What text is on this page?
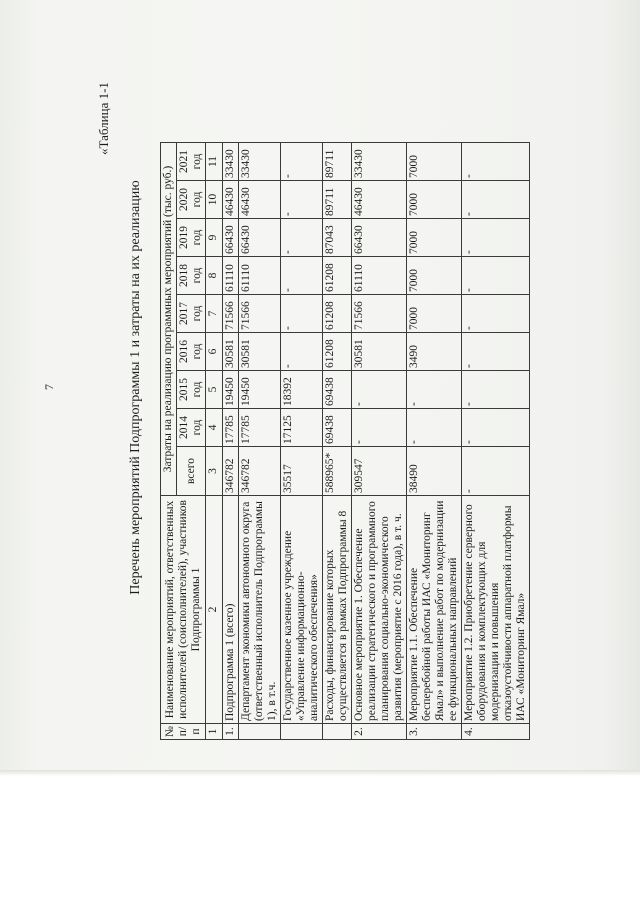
7
«Таблица 1-1
Перечень мероприятий Подпрограммы 1 и затраты на их реализацию
№ п/п	Наименование мероприятий, ответственных исполнителей (соисполнителей), участников Подпрограммы 1	Затраты на реализацию программных мероприятий (тыс. руб.)								
		всего	2014 год	2015 год	2016 год	2017 год	2018 год	2019 год	2020 год	2021 год
1	2	3	4	5	6	7	8	9	10	11
1.	Подпрограмма 1 (всего)	346782	17785	19450	30581	71566	61110	66430	46430	33430
	Департамент экономики автономного округа (ответственный исполнитель Подпрограммы 1), в т.ч.	346782	17785	19450	30581	71566	61110	66430	46430	33430
	Государственное казенное учреждение «Управление информационно-аналитического обеспечения»	35517	17125	18392	-	-	-	-	-	-
	Расходы, финансирование которых осуществляется в рамках Подпрограммы 8	588965*	69438	69438	61208	61208	61208	87043	89711	89711
2.	Основное мероприятие 1. Обеспечение реализации стратегического и программного планирования социально-экономического развития (мероприятие с 2016 года), в т. ч.	309547	-	-	30581	71566	61110	66430	46430	33430
3.	Мероприятие 1.1. Обеспечение бесперебойной работы ИАС «Мониторинг Ямал» и выполнение работ по модернизации ее функциональных направлений	38490	-	-	3490	7000	7000	7000	7000	7000
4.	Мероприятие 1.2. Приобретение серверного оборудования и комплектующих для модернизации и повышения отказоустойчивости аппаратной платформы ИАС «Мониторинг Ямал»	-	-	-	-	-	-	-	-	-
